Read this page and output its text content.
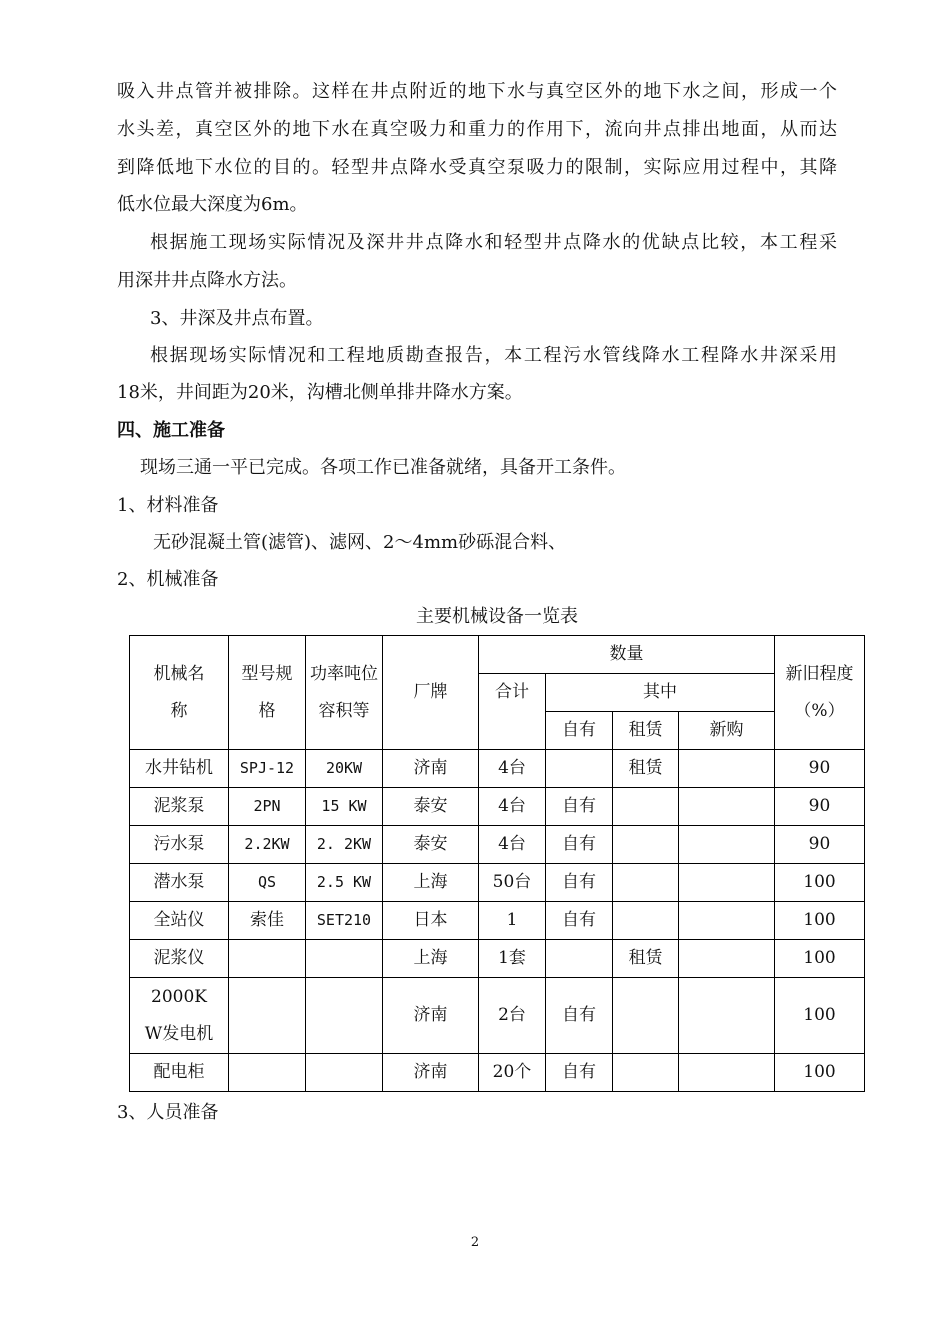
吸入井点管并被排除。这样在井点附近的地下水与真空区外的地下水之间，形成一个
水头差，真空区外的地下水在真空吸力和重力的作用下，流向井点排出地面，从而达
到降低地下水位的目的。轻型井点降水受真空泵吸力的限制，实际应用过程中，其降
低水位最大深度为6m。
根据施工现场实际情况及深井井点降水和轻型井点降水的优缺点比较，本工程采
用深井井点降水方法。
3、井深及井点布置。
根据现场实际情况和工程地质勘查报告，本工程污水管线降水工程降水井深采用
18米，井间距为20米，沟槽北侧单排井降水方案。
四、施工准备
现场三通一平已完成。各项工作已准备就绪，具备开工条件。
1、材料准备
无砂混凝土管(滤管)、滤网、2～4mm砂砾混合料、
2、机械准备
主要机械设备一览表
机械名称	型号规格	功率吨位容积等	厂牌	数量				新旧程度（%）
				合计	其中			
					自有	租赁	新购	
水井钻机	SPJ-12	20KW	济南	4台		租赁		90
泥浆泵	2PN	15 KW	泰安	4台	自有			90
污水泵	2.2KW	2. 2KW	泰安	4台	自有			90
潜水泵	QS	2.5 KW	上海	50台	自有			100
全站仪	索佳	SET210	日本	1	自有			100
泥浆仪			上海	1套		租赁		100
2000KW发电机			济南	2台	自有			100
配电柜			济南	20个	自有			100
3、人员准备
2
